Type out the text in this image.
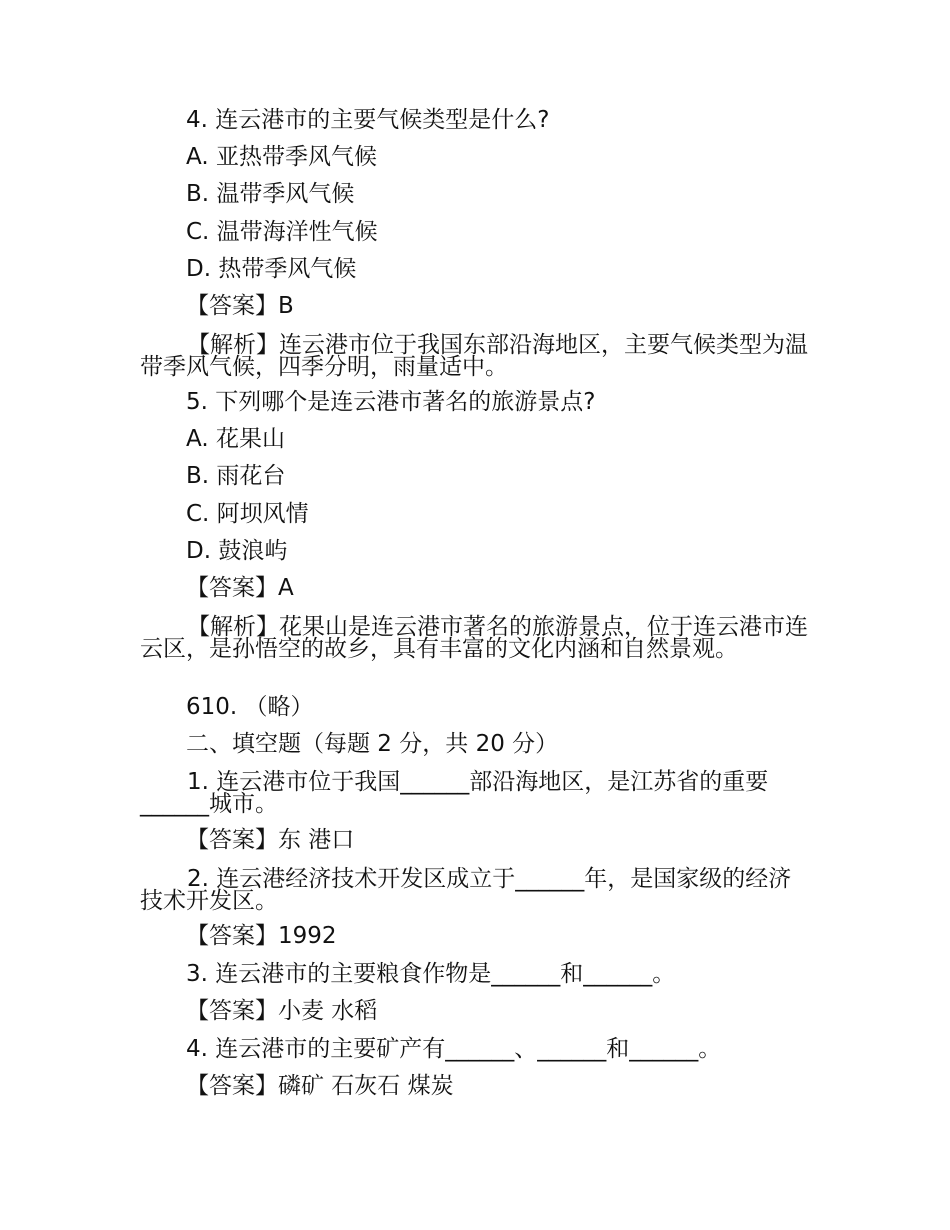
4. 连云港市的主要气候类型是什么?
A. 亚热带季风气候
B. 温带季风气候
C. 温带海洋性气候
D. 热带季风气候
【答案】B
【解析】连云港市位于我国东部沿海地区，主要气候类型为温带季风气候，四季分明，雨量适中。
5. 下列哪个是连云港市著名的旅游景点?
A. 花果山
B. 雨花台
C. 阿坝风情
D. 鼓浪屿
【答案】A
【解析】花果山是连云港市著名的旅游景点，位于连云港市连云区，是孙悟空的故乡，具有丰富的文化内涵和自然景观。
610. （略）
二、填空题（每题 2 分，共 20 分）
1. 连云港市位于我国______部沿海地区，是江苏省的重要______城市。
【答案】东 港口
2. 连云港经济技术开发区成立于______年，是国家级的经济技术开发区。
【答案】1992
3. 连云港市的主要粮食作物是______和______。
【答案】小麦 水稻
4. 连云港市的主要矿产有______、______和______。
【答案】磷矿 石灰石 煤炭
